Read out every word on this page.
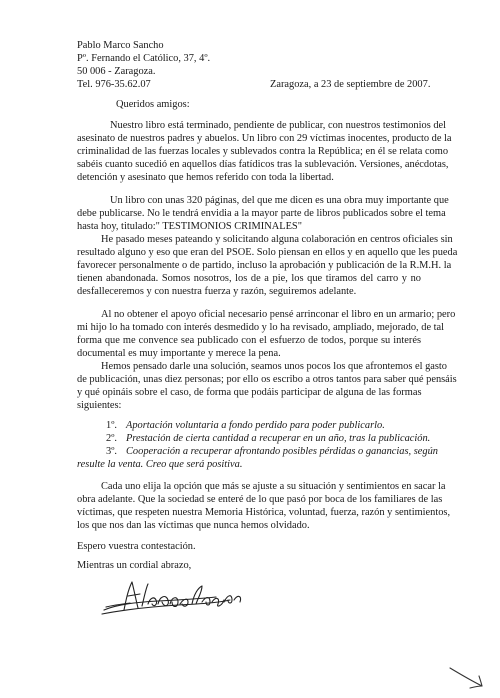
Pablo Marco Sancho
Pº. Fernando el Católico, 37, 4º.
50 006 - Zaragoza.
Tel. 976-35.62.07	Zaragoza, a 23 de septiembre de 2007.
Queridos amigos:
Nuestro libro está terminado, pendiente de publicar, con nuestros testimonios del
asesinato de nuestros padres y abuelos. Un libro con 29 víctimas inocentes, producto de la
criminalidad de las fuerzas locales y sublevados contra la República; en él se relata como
sabéis cuanto sucedió en aquellos días fatídicos tras la sublevación. Versiones, anécdotas,
detención y asesinato que hemos referido con toda la libertad.
Un libro con unas 320 páginas, del que me dicen es una obra muy importante que
debe publicarse. No le tendrá envidia a la mayor parte de libros publicados sobre el tema
hasta hoy, titulado:" TESTIMONIOS CRIMINALES"
He pasado meses pateando y solicitando alguna colaboración en centros oficiales sin
resultado alguno y eso que eran del PSOE. Solo piensan en ellos y en aquello que les pueda
favorecer personalmente o de partido, incluso la aprobación y publicación de la R.M.H. la
tienen abandonada. Somos nosotros, los de a pie, los que tiramos del carro y no
desfalleceremos y con nuestra fuerza y razón, seguiremos adelante.
Al no obtener el apoyo oficial necesario pensé arrinconar el libro en un armario; pero
mi hijo lo ha tomado con interés desmedido y lo ha revisado, ampliado, mejorado, de tal
forma que me convence sea publicado con el esfuerzo de todos, porque su interés
documental es muy importante y merece la pena.
Hemos pensado darle una solución, seamos unos pocos los que afrontemos el gasto
de publicación, unas diez personas; por ello os escribo a otros tantos para saber qué pensáis
y qué opináis sobre el caso, de forma que podáis participar de alguna de las formas
siguientes:
1º. Aportación voluntaria a fondo perdido para poder publicarlo.
2º. Prestación de cierta cantidad a recuperar en un año, tras la publicación.
3º. Cooperación a recuperar afrontando posibles pérdidas o ganancias, según
resulte la venta. Creo que será positiva.
Cada uno elija la opción que más se ajuste a su situación y sentimientos en sacar la
obra adelante. Que la sociedad se enteré de lo que pasó por boca de los familiares de las
víctimas, que respeten nuestra Memoria Histórica, voluntad, fuerza, razón y sentimientos,
los que nos dan las víctimas que nunca hemos olvidado.
Espero vuestra contestación.
Mientras un cordial abrazo,
